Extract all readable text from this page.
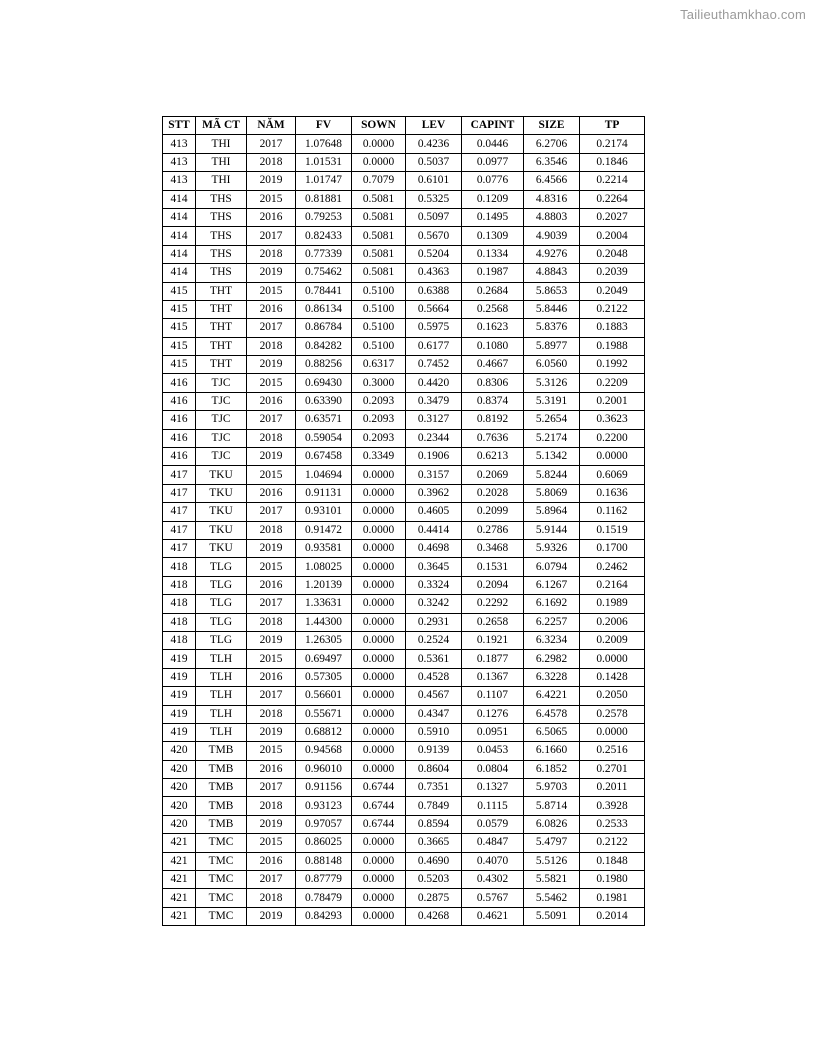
Tailieuthamkhao.com
STT	MÃ CT	NĂM	FV	SOWN	LEV	CAPINT	SIZE	TP
413	THI	2017	1.07648	0.0000	0.4236	0.0446	6.2706	0.2174
413	THI	2018	1.01531	0.0000	0.5037	0.0977	6.3546	0.1846
413	THI	2019	1.01747	0.7079	0.6101	0.0776	6.4566	0.2214
414	THS	2015	0.81881	0.5081	0.5325	0.1209	4.8316	0.2264
414	THS	2016	0.79253	0.5081	0.5097	0.1495	4.8803	0.2027
414	THS	2017	0.82433	0.5081	0.5670	0.1309	4.9039	0.2004
414	THS	2018	0.77339	0.5081	0.5204	0.1334	4.9276	0.2048
414	THS	2019	0.75462	0.5081	0.4363	0.1987	4.8843	0.2039
415	THT	2015	0.78441	0.5100	0.6388	0.2684	5.8653	0.2049
415	THT	2016	0.86134	0.5100	0.5664	0.2568	5.8446	0.2122
415	THT	2017	0.86784	0.5100	0.5975	0.1623	5.8376	0.1883
415	THT	2018	0.84282	0.5100	0.6177	0.1080	5.8977	0.1988
415	THT	2019	0.88256	0.6317	0.7452	0.4667	6.0560	0.1992
416	TJC	2015	0.69430	0.3000	0.4420	0.8306	5.3126	0.2209
416	TJC	2016	0.63390	0.2093	0.3479	0.8374	5.3191	0.2001
416	TJC	2017	0.63571	0.2093	0.3127	0.8192	5.2654	0.3623
416	TJC	2018	0.59054	0.2093	0.2344	0.7636	5.2174	0.2200
416	TJC	2019	0.67458	0.3349	0.1906	0.6213	5.1342	0.0000
417	TKU	2015	1.04694	0.0000	0.3157	0.2069	5.8244	0.6069
417	TKU	2016	0.91131	0.0000	0.3962	0.2028	5.8069	0.1636
417	TKU	2017	0.93101	0.0000	0.4605	0.2099	5.8964	0.1162
417	TKU	2018	0.91472	0.0000	0.4414	0.2786	5.9144	0.1519
417	TKU	2019	0.93581	0.0000	0.4698	0.3468	5.9326	0.1700
418	TLG	2015	1.08025	0.0000	0.3645	0.1531	6.0794	0.2462
418	TLG	2016	1.20139	0.0000	0.3324	0.2094	6.1267	0.2164
418	TLG	2017	1.33631	0.0000	0.3242	0.2292	6.1692	0.1989
418	TLG	2018	1.44300	0.0000	0.2931	0.2658	6.2257	0.2006
418	TLG	2019	1.26305	0.0000	0.2524	0.1921	6.3234	0.2009
419	TLH	2015	0.69497	0.0000	0.5361	0.1877	6.2982	0.0000
419	TLH	2016	0.57305	0.0000	0.4528	0.1367	6.3228	0.1428
419	TLH	2017	0.56601	0.0000	0.4567	0.1107	6.4221	0.2050
419	TLH	2018	0.55671	0.0000	0.4347	0.1276	6.4578	0.2578
419	TLH	2019	0.68812	0.0000	0.5910	0.0951	6.5065	0.0000
420	TMB	2015	0.94568	0.0000	0.9139	0.0453	6.1660	0.2516
420	TMB	2016	0.96010	0.0000	0.8604	0.0804	6.1852	0.2701
420	TMB	2017	0.91156	0.6744	0.7351	0.1327	5.9703	0.2011
420	TMB	2018	0.93123	0.6744	0.7849	0.1115	5.8714	0.3928
420	TMB	2019	0.97057	0.6744	0.8594	0.0579	6.0826	0.2533
421	TMC	2015	0.86025	0.0000	0.3665	0.4847	5.4797	0.2122
421	TMC	2016	0.88148	0.0000	0.4690	0.4070	5.5126	0.1848
421	TMC	2017	0.87779	0.0000	0.5203	0.4302	5.5821	0.1980
421	TMC	2018	0.78479	0.0000	0.2875	0.5767	5.5462	0.1981
421	TMC	2019	0.84293	0.0000	0.4268	0.4621	5.5091	0.2014
